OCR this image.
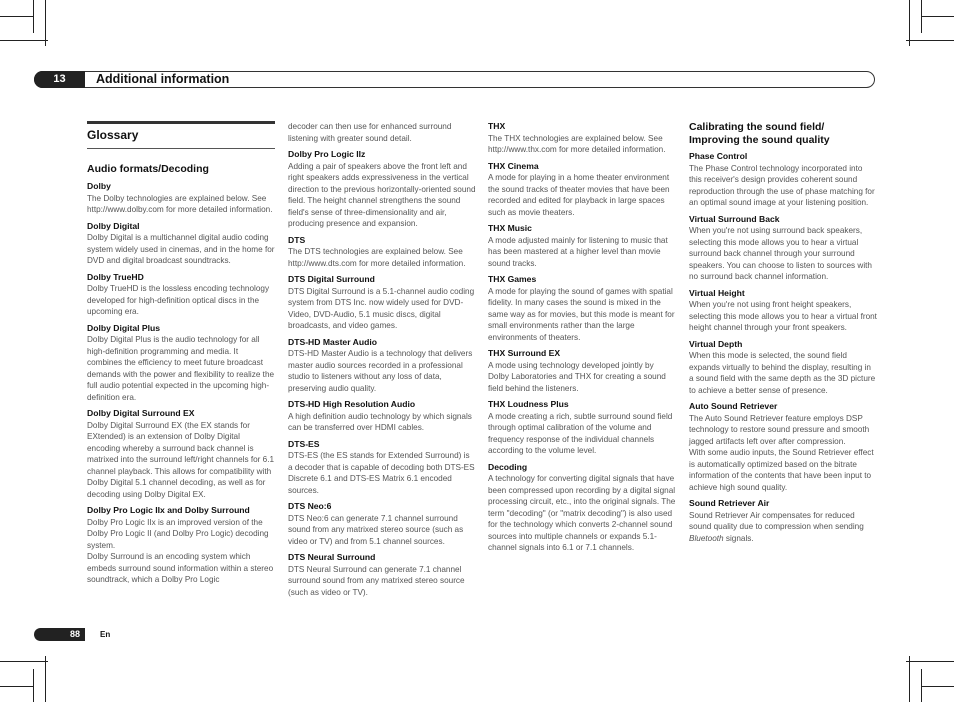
13	Additional information
Glossary
Audio formats/Decoding
Dolby

The Dolby technologies are explained below. See http://www.dolby.com for more detailed information.

Dolby Digital

Dolby Digital is a multichannel digital audio coding system widely used in cinemas, and in the home for DVD and digital broadcast soundtracks.

Dolby TrueHD

Dolby TrueHD is the lossless encoding technology developed for high-definition optical discs in the upcoming era.

Dolby Digital Plus

Dolby Digital Plus is the audio technology for all high-definition programming and media. It combines the efficiency to meet future broadcast demands with the power and flexibility to realize the full audio potential expected in the upcoming high-definition era.

Dolby Digital Surround EX

Dolby Digital Surround EX (the EX stands for EXtended) is an extension of Dolby Digital encoding whereby a surround back channel is matrixed into the surround left/right channels for 6.1 channel playback. This allows for compatibility with Dolby Digital 5.1 channel decoding, as well as for decoding using Dolby Digital EX.

Dolby Pro Logic IIx and Dolby Surround

Dolby Pro Logic IIx is an improved version of the Dolby Pro Logic II (and Dolby Pro Logic) decoding system.

Dolby Surround is an encoding system which embeds surround sound information within a stereo soundtrack, which a Dolby Pro Logic

decoder can then use for enhanced surround listening with greater sound detail.

Dolby Pro Logic IIz

Adding a pair of speakers above the front left and right speakers adds expressiveness in the vertical direction to the previous horizontally-oriented sound field. The height channel strengthens the sound field's sense of three-dimensionality and air, producing presence and expansion.

DTS

The DTS technologies are explained below. See http://www.dts.com for more detailed information.

DTS Digital Surround

DTS Digital Surround is a 5.1-channel audio coding system from DTS Inc. now widely used for DVD-Video, DVD-Audio, 5.1 music discs, digital broadcasts, and video games.

DTS-HD Master Audio

DTS-HD Master Audio is a technology that delivers master audio sources recorded in a professional studio to listeners without any loss of data, preserving audio quality.

DTS-HD High Resolution Audio

A high definition audio technology by which signals can be transferred over HDMI cables.

DTS-ES

DTS-ES (the ES stands for Extended Surround) is a decoder that is capable of decoding both DTS-ES Discrete 6.1 and DTS-ES Matrix 6.1 encoded sources.

DTS Neo:6

DTS Neo:6 can generate 7.1 channel surround sound from any matrixed stereo source (such as video or TV) and from 5.1 channel sources.

DTS Neural Surround

DTS Neural Surround can generate 7.1 channel surround sound from any matrixed stereo source (such as video or TV).

THX

The THX technologies are explained below. See http://www.thx.com for more detailed information.

THX Cinema

A mode for playing in a home theater environment the sound tracks of theater movies that have been recorded and edited for playback in large spaces such as movie theaters.

THX Music

A mode adjusted mainly for listening to music that has been mastered at a higher level than movie sound tracks.

THX Games

A mode for playing the sound of games with spatial fidelity. In many cases the sound is mixed in the same way as for movies, but this mode is meant for small environments rather than the large environments of theaters.

THX Surround EX

A mode using technology developed jointly by Dolby Laboratories and THX for creating a sound field behind the listeners.

THX Loudness Plus

A mode creating a rich, subtle surround sound field through optimal calibration of the volume and frequency response of the individual channels according to the volume level.

Decoding

A technology for converting digital signals that have been compressed upon recording by a digital signal processing circuit, etc., into the original signals. The term "decoding" (or "matrix decoding") is also used for the technology which converts 2-channel sound sources into multiple channels or expands 5.1-channel signals into 6.1 or 7.1 channels.

Calibrating the sound field/ Improving the sound quality
Phase Control

The Phase Control technology incorporated into this receiver's design provides coherent sound reproduction through the use of phase matching for an optimal sound image at your listening position.

Virtual Surround Back

When you're not using surround back speakers, selecting this mode allows you to hear a virtual surround back channel through your surround speakers. You can choose to listen to sources with no surround back channel information.

Virtual Height

When you're not using front height speakers, selecting this mode allows you to hear a virtual front height channel through your front speakers.

Virtual Depth

When this mode is selected, the sound field expands virtually to behind the display, resulting in a sound field with the same depth as the 3D picture to achieve a better sense of presence.

Auto Sound Retriever

The Auto Sound Retriever feature employs DSP technology to restore sound pressure and smooth jagged artifacts left over after compression.

With some audio inputs, the Sound Retriever effect is automatically optimized based on the bitrate information of the contents that have been input to achieve high sound quality.

Sound Retriever Air

Sound Retriever Air compensates for reduced sound quality due to compression when sending Bluetooth signals.

88	En
